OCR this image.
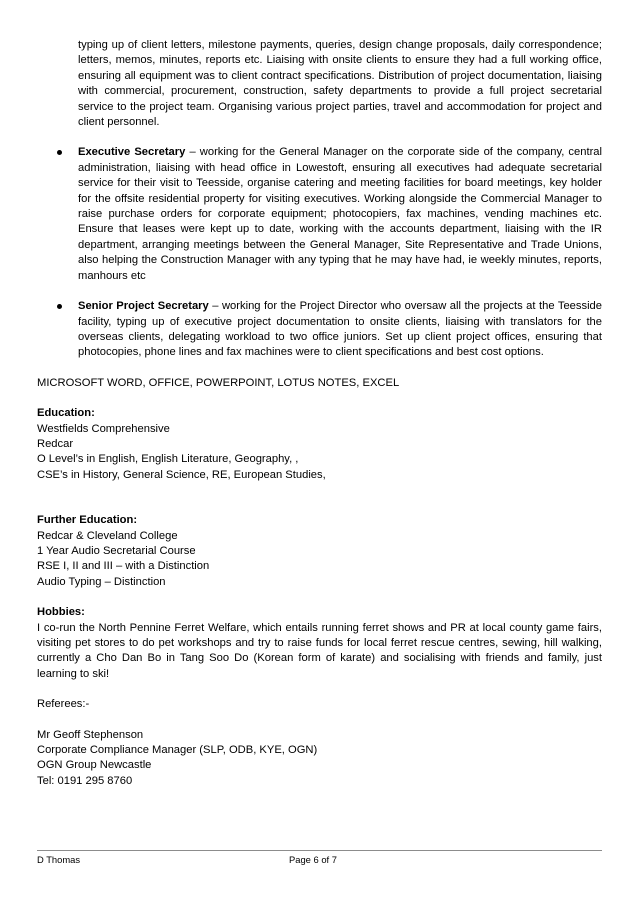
typing up of client letters, milestone payments, queries, design change proposals, daily correspondence; letters, memos, minutes, reports etc. Liaising with onsite clients to ensure they had a full working office, ensuring all equipment was to client contract specifications. Distribution of project documentation, liaising with commercial, procurement, construction, safety departments to provide a full project secretarial service to the project team. Organising various project parties, travel and accommodation for project and client personnel.
Executive Secretary – working for the General Manager on the corporate side of the company, central administration, liaising with head office in Lowestoft, ensuring all executives had adequate secretarial service for their visit to Teesside, organise catering and meeting facilities for board meetings, key holder for the offsite residential property for visiting executives. Working alongside the Commercial Manager to raise purchase orders for corporate equipment; photocopiers, fax machines, vending machines etc. Ensure that leases were kept up to date, working with the accounts department, liaising with the IR department, arranging meetings between the General Manager, Site Representative and Trade Unions, also helping the Construction Manager with any typing that he may have had, ie weekly minutes, reports, manhours etc
Senior Project Secretary – working for the Project Director who oversaw all the projects at the Teesside facility, typing up of executive project documentation to onsite clients, liaising with translators for the overseas clients, delegating workload to two office juniors. Set up client project offices, ensuring that photocopies, phone lines and fax machines were to client specifications and best cost options.
MICROSOFT WORD, OFFICE, POWERPOINT, LOTUS NOTES, EXCEL
Education:
Westfields Comprehensive
Redcar
O Level’s in English, English Literature, Geography, ,
CSE’s in History, General Science, RE, European Studies,
Further Education:
Redcar & Cleveland College
1 Year Audio Secretarial Course
RSE I, II and III – with a Distinction
Audio Typing – Distinction
Hobbies:
I co-run the North Pennine Ferret Welfare, which entails running ferret shows and PR at local county game fairs, visiting pet stores to do pet workshops and try to raise funds for local ferret rescue centres, sewing, hill walking, currently a Cho Dan Bo in Tang Soo Do (Korean form of karate) and socialising with friends and family, just learning to ski!
Referees:-
Mr Geoff Stephenson
Corporate Compliance Manager (SLP, ODB, KYE, OGN)
OGN Group Newcastle
Tel: 0191 295 8760
D Thomas	Page 6 of 7
